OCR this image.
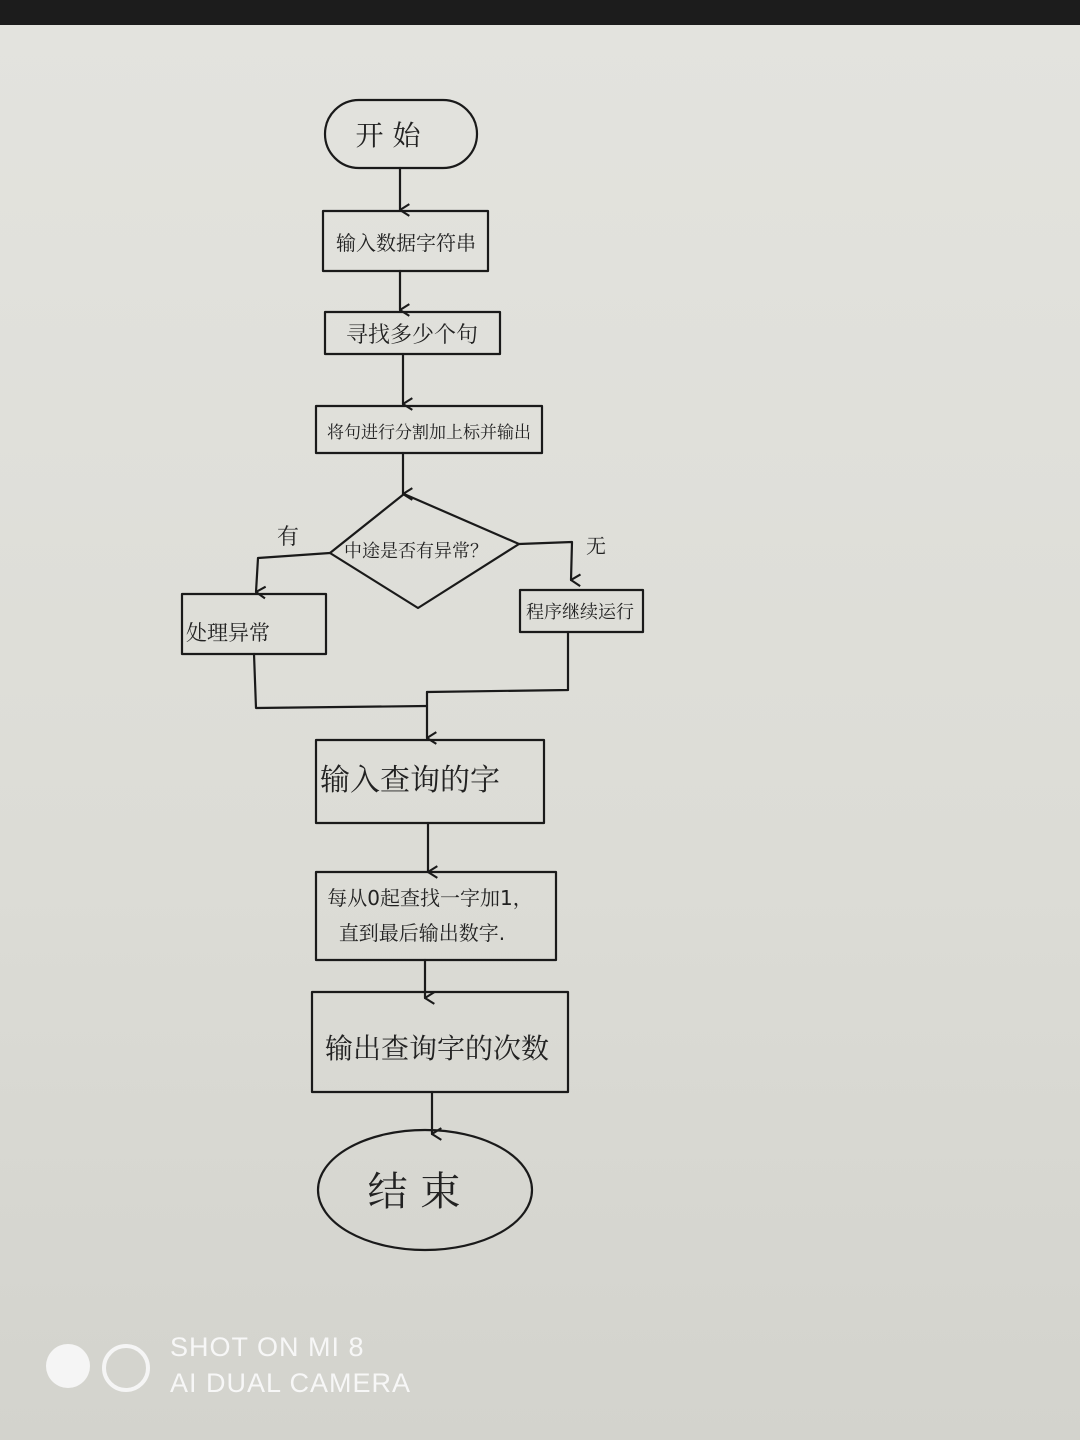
开 始
输入数据字符串
寻找多少个句
将句进行分割加上标并输出
中途是否有异常？
有	无
处理异常
程序继续运行
输入查询的字
每从0起查找一字加1，
直到最后输出数字.
输出查询字的次数
结 束
SHOT ON MI 8
AI DUAL CAMERA
